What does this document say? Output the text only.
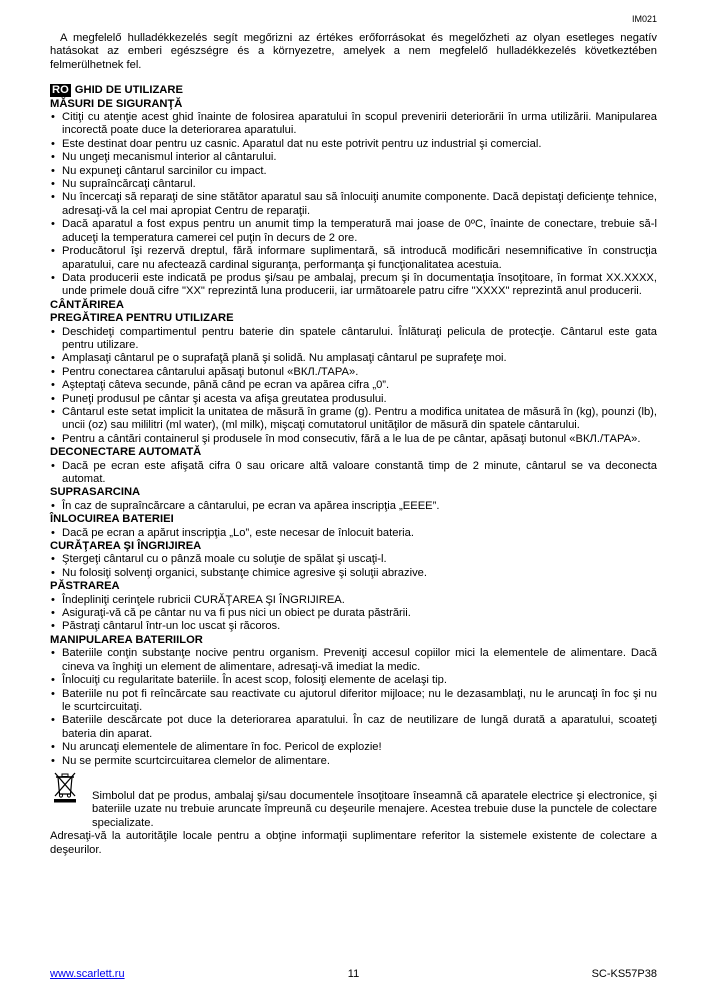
IM021

A megfelelő hulladékkezelés segít megőrizni az értékes erőforrásokat és megelőzheti az olyan esetleges negatív hatásokat az emberi egészségre és a környezetre, amelyek a nem megfelelő hulladékkezelés következtében felmerülhetnek fel.

RO GHID DE UTILIZARE
MĂSURI DE SIGURANŢĂ
• Citiţi cu atenţie acest ghid înainte de folosirea aparatului în scopul prevenirii deteriorării în urma utilizării. Manipularea incorectă poate duce la deteriorarea aparatului.
• Este destinat doar pentru uz casnic. Aparatul dat nu este potrivit pentru uz industrial şi comercial.
• Nu ungeţi mecanismul interior al cântarului.
• Nu expuneţi cântarul sarcinilor cu impact.
• Nu supraîncărcaţi cântarul.
• Nu încercaţi să reparaţi de sine stătător aparatul sau să înlocuiţi anumite componente. Dacă depistaţi deficienţe tehnice, adresaţi-vă la cel mai apropiat Centru de reparaţii.
• Dacă aparatul a fost expus pentru un anumit timp la temperatură mai joase de 0ºC, înainte de conectare, trebuie să-l aduceţi la temperatura camerei cel puţin în decurs de 2 ore.
• Producătorul îşi rezervă dreptul, fără informare suplimentară, să introducă modificări nesemnificative în construcţia aparatului, care nu afectează cardinal siguranţa, performanţa şi funcţionalitatea acestuia.
• Data producerii este indicată pe produs şi/sau pe ambalaj, precum şi în documentaţia însoţitoare, în format XX.XXXX, unde primele două cifre "XX" reprezintă luna producerii, iar următoarele patru cifre "XXXX" reprezintă anul producerii.
CÂNTĂRIREA
PREGĂTIREA PENTRU UTILIZARE
• Deschideţi compartimentul pentru baterie din spatele cântarului. Înlăturaţi pelicula de protecţie. Cântarul este gata pentru utilizare.
• Amplasaţi cântarul pe o suprafaţă plană şi solidă. Nu amplasaţi cântarul pe suprafeţe moi.
• Pentru conectarea cântarului apăsaţi butonul «ВКЛ./ТАРА».
• Aşteptaţi câteva secunde, până când pe ecran va apărea cifra „0”.
• Puneţi produsul pe cântar şi acesta va afişa greutatea produsului.
• Cântarul este setat implicit la unitatea de măsură în grame (g). Pentru a modifica unitatea de măsură în (kg), pounzi (lb), uncii (oz) sau mililitri (ml water), (ml milk), mişcaţi comutatorul unităţilor de măsură din spatele cântarului.
• Pentru a cântări containerul şi produsele în mod consecutiv, fără a le lua de pe cântar, apăsaţi butonul «ВКЛ./ТАРА».
DECONECTARE AUTOMATĂ
• Dacă pe ecran este afişată cifra 0 sau oricare altă valoare constantă timp de 2 minute, cântarul se va deconecta automat.
SUPRASARCINA
• În caz de supraîncărcare a cântarului, pe ecran va apărea inscripţia „EEEE”.
ÎNLOCUIREA BATERIEI
• Dacă pe ecran a apărut inscripţia „Lo”, este necesar de înlocuit bateria.
CURĂŢAREA ŞI ÎNGRIJIREA
• Ştergeţi cântarul cu o pânză moale cu soluţie de spălat şi uscaţi-l.
• Nu folosiţi solvenţi organici, substanţe chimice agresive şi soluţii abrazive.
PĂSTRAREA
• Îndepliniţi cerinţele rubricii CURĂŢAREA ŞI ÎNGRIJIREA.
• Asiguraţi-vă că pe cântar nu va fi pus nici un obiect pe durata păstrării.
• Păstraţi cântarul într-un loc uscat şi răcoros.
MANIPULAREA BATERIILOR
• Bateriile conţin substanţe nocive pentru organism. Preveniţi accesul copiilor mici la elementele de alimentare. Dacă cineva va înghiţi un element de alimentare, adresaţi-vă imediat la medic.
• Înlocuiţi cu regularitate bateriile. În acest scop, folosiţi elemente de acelaşi tip.
• Bateriile nu pot fi reîncărcate sau reactivate cu ajutorul diferitor mijloace; nu le dezasamblaţi, nu le aruncaţi în foc şi nu le scurtcircuitaţi.
• Bateriile descărcate pot duce la deteriorarea aparatului. În caz de neutilizare de lungă durată a aparatului, scoateţi bateria din aparat.
• Nu aruncaţi elementele de alimentare în foc. Pericol de explozie!
• Nu se permite scurtcircuitarea clemelor de alimentare.

Simbolul dat pe produs, ambalaj şi/sau documentele însoţitoare înseamnă că aparatele electrice şi electronice, şi bateriile uzate nu trebuie aruncate împreună cu deşeurile menajere. Acestea trebuie duse la punctele de colectare specializate.

Adresaţi-vă la autorităţile locale pentru a obţine informaţii suplimentare referitor la sistemele existente de colectare a deşeurilor.

www.scarlett.ru	11	SC-KS57P38
